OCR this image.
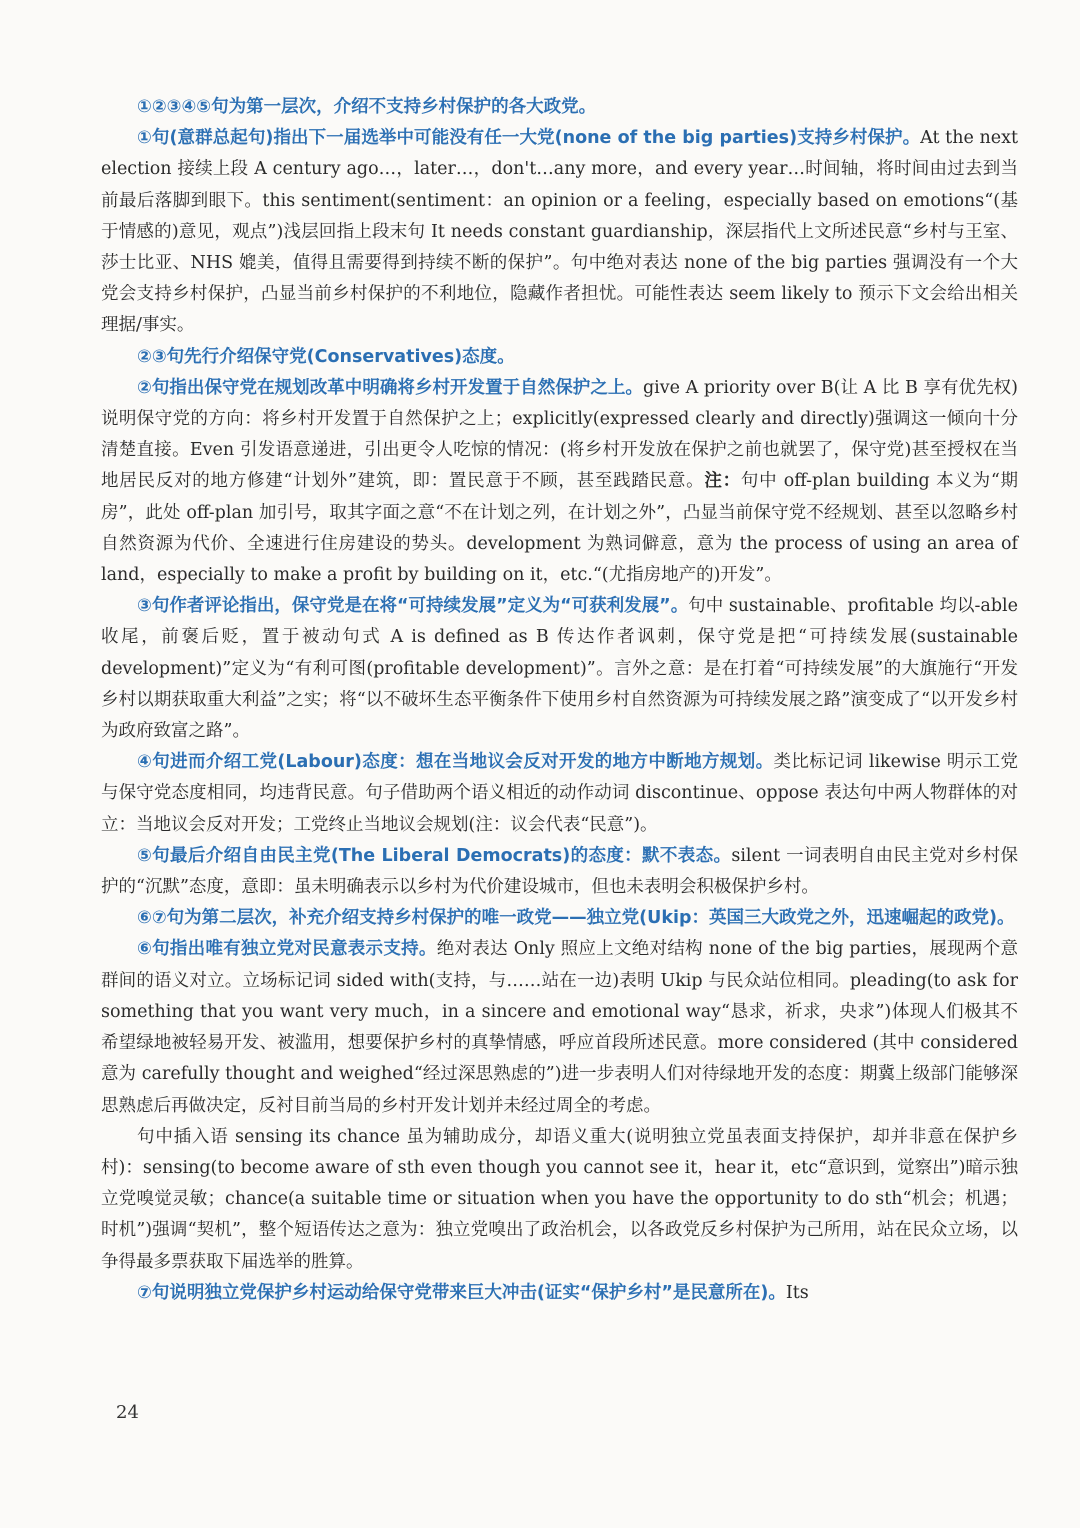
①②③④⑤句为第一层次，介绍不支持乡村保护的各大政党。

①句(意群总起句)指出下一届选举中可能没有任一大党(none of the big parties)支持乡村保护。At the next election 接续上段 A century ago…，later…，don't…any more，and every year…时间轴，将时间由过去到当前最后落脚到眼下。this sentiment(sentiment：an opinion or a feeling，especially based on emotions“(基于情感的)意见，观点”)浅层回指上段末句 It needs constant guardianship，深层指代上文所述民意“乡村与王室、莎士比亚、NHS 媲美，值得且需要得到持续不断的保护”。句中绝对表达 none of the big parties 强调没有一个大党会支持乡村保护，凸显当前乡村保护的不利地位，隐藏作者担忧。可能性表达 seem likely to 预示下文会给出相关理据/事实。

②③句先行介绍保守党(Conservatives)态度。

②句指出保守党在规划改革中明确将乡村开发置于自然保护之上。give A priority over B(让 A 比 B 享有优先权)说明保守党的方向：将乡村开发置于自然保护之上；explicitly(expressed clearly and directly)强调这一倾向十分清楚直接。Even 引发语意递进，引出更令人吃惊的情况：(将乡村开发放在保护之前也就罢了，保守党)甚至授权在当地居民反对的地方修建“计划外”建筑，即：置民意于不顾，甚至践踏民意。注：句中 off-plan building 本义为“期房”，此处 off-plan 加引号，取其字面之意“不在计划之列，在计划之外”，凸显当前保守党不经规划、甚至以忽略乡村自然资源为代价、全速进行住房建设的势头。development 为熟词僻意，意为 the process of using an area of land，especially to make a profit by building on it，etc.“(尤指房地产的)开发”。

③句作者评论指出，保守党是在将“可持续发展”定义为“可获利发展”。句中 sustainable、profitable 均以-able 收尾，前褒后贬，置于被动句式 A is defined as B 传达作者讽刺，保守党是把“可持续发展(sustainable development)”定义为“有利可图(profitable development)”。言外之意：是在打着“可持续发展”的大旗施行“开发乡村以期获取重大利益”之实；将“以不破坏生态平衡条件下使用乡村自然资源为可持续发展之路”演变成了“以开发乡村为政府致富之路”。

④句进而介绍工党(Labour)态度：想在当地议会反对开发的地方中断地方规划。类比标记词 likewise 明示工党与保守党态度相同，均违背民意。句子借助两个语义相近的动作动词 discontinue、oppose 表达句中两人物群体的对立：当地议会反对开发；工党终止当地议会规划(注：议会代表“民意”)。

⑤句最后介绍自由民主党(The Liberal Democrats)的态度：默不表态。silent 一词表明自由民主党对乡村保护的“沉默”态度，意即：虽未明确表示以乡村为代价建设城市，但也未表明会积极保护乡村。

⑥⑦句为第二层次，补充介绍支持乡村保护的唯一政党——独立党(Ukip：英国三大政党之外，迅速崛起的政党)。

⑥句指出唯有独立党对民意表示支持。绝对表达 Only 照应上文绝对结构 none of the big parties，展现两个意群间的语义对立。立场标记词 sided with(支持，与……站在一边)表明 Ukip 与民众站位相同。pleading(to ask for something that you want very much，in a sincere and emotional way“恳求，祈求，央求”)体现人们极其不希望绿地被轻易开发、被滥用，想要保护乡村的真挚情感，呼应首段所述民意。more considered (其中 considered 意为 carefully thought and weighed“经过深思熟虑的”)进一步表明人们对待绿地开发的态度：期冀上级部门能够深思熟虑后再做决定，反衬目前当局的乡村开发计划并未经过周全的考虑。

句中插入语 sensing its chance 虽为辅助成分，却语义重大(说明独立党虽表面支持保护，却并非意在保护乡村)：sensing(to become aware of sth even though you cannot see it，hear it，etc“意识到，觉察出”)暗示独立党嗅觉灵敏；chance(a suitable time or situation when you have the opportunity to do sth“机会；机遇；时机”)强调“契机”，整个短语传达之意为：独立党嗅出了政治机会，以各政党反乡村保护为己所用，站在民众立场，以争得最多票获取下届选举的胜算。

⑦句说明独立党保护乡村运动给保守党带来巨大冲击(证实“保护乡村”是民意所在)。Its

24
